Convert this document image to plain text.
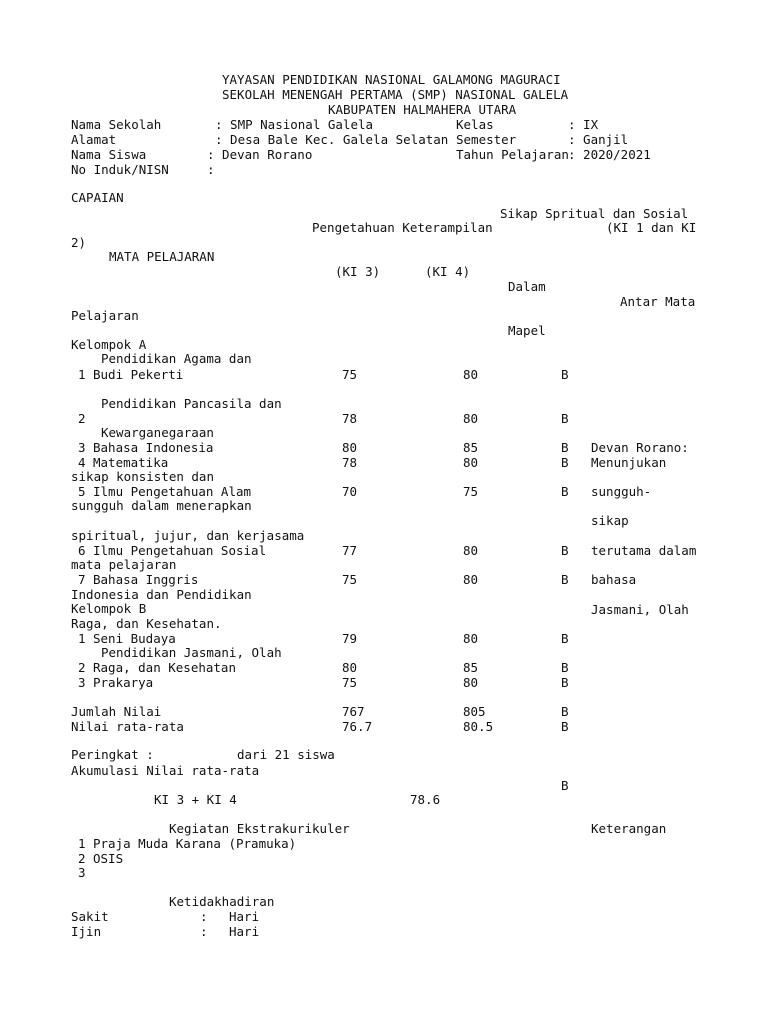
YAYASAN PENDIDIKAN NASIONAL GALAMONG MAGURACI
SEKOLAH MENENGAH PERTAMA (SMP) NASIONAL GALELA
KABUPATEN HALMAHERA UTARA
Nama Sekolah	: SMP Nasional Galela	Kelas	: IX
Alamat	: Desa Bale Kec. Galela Selatan Semester	: Ganjil
Nama Siswa	: Devan Rorano	Tahun Pelajaran : 2020/2021
No Induk/NISN	:
CAPAIAN
Sikap Spritual dan Sosial
Pengetahuan Keterampilan	(KI 1 dan KI
2)
MATA PELAJARAN
(KI 3)	(KI 4)
Dalam
Antar Mata
Pelajaran
Mapel
Kelompok A
Pendidikan Agama dan
1 Budi Pekerti	75	80	B
Pendidikan Pancasila dan
2	78	80	B
Kewarganegaraan
3 Bahasa Indonesia	80	85	B Devan Rorano:
4 Matematika	78	80	B Menunjukan
sikap konsisten dan
5 Ilmu Pengetahuan Alam	70	75	B sungguh-
sungguh dalam menerapkan
sikap
spiritual, jujur, dan kerjasama
6 Ilmu Pengetahuan Sosial	77	80	B terutama dalam
mata pelajaran
7 Bahasa Inggris	75	80	B bahasa
Indonesia dan Pendidikan
Kelompok B	Jasmani, Olah
Raga, dan Kesehatan.
1 Seni Budaya	79	80	B
Pendidikan Jasmani, Olah
2 Raga, dan Kesehatan	80	85	B
3 Prakarya	75	80	B
Jumlah Nilai	767	805	B
Nilai rata-rata	76.7	80.5	B
Peringkat :	dari 21 siswa
Akumulasi Nilai rata-rata
B
KI 3 + KI 4	78.6
Kegiatan Ekstrakurikuler	Keterangan
1 Praja Muda Karana (Pramuka)
2 OSIS
3
Ketidakhadiran
Sakit	: Hari
Ijin	: Hari
